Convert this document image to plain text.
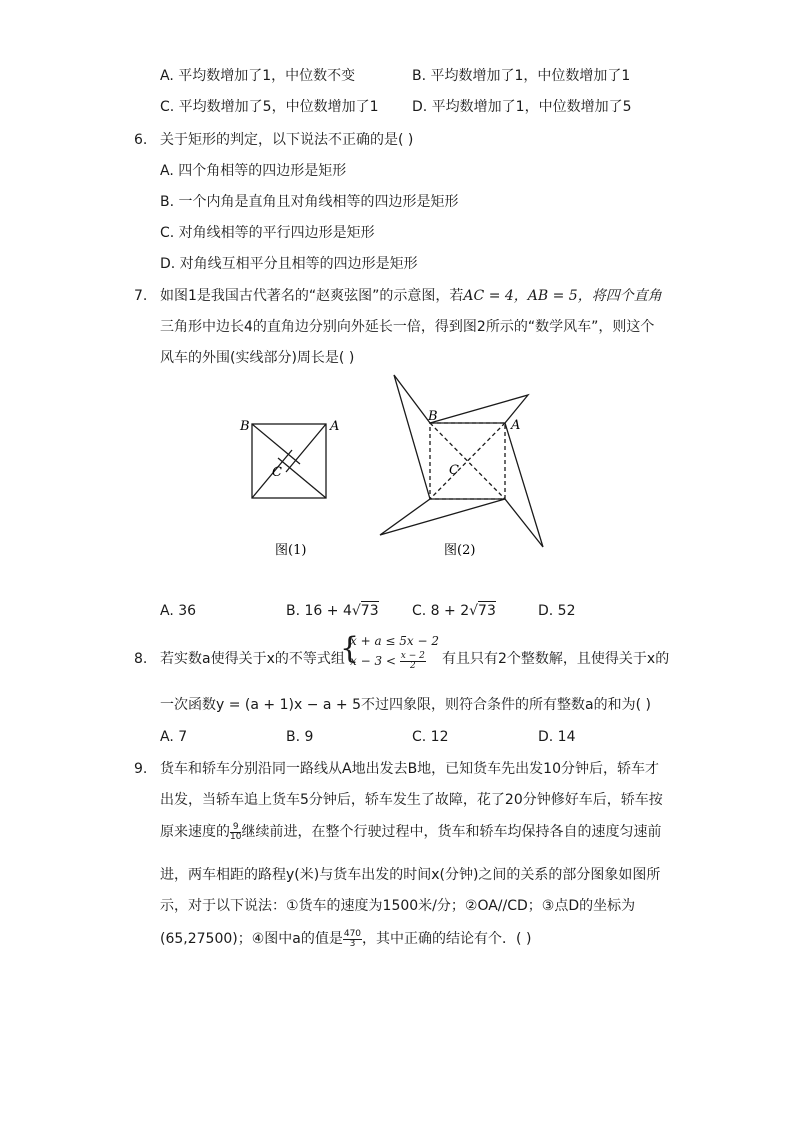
A. 平均数增加了1，中位数不变	B. 平均数增加了1，中位数增加了1
C. 平均数增加了5，中位数增加了1 D. 平均数增加了1，中位数增加了5
6. 关于矩形的判定，以下说法不正确的是( )
A. 四个角相等的四边形是矩形
B. 一个内角是直角且对角线相等的四边形是矩形
C. 对角线相等的平行四边形是矩形
D. 对角线互相平分且相等的四边形是矩形
7. 如图1是我国古代著名的“赵爽弦图”的示意图，若AC = 4，AB = 5，将四个直角
三角形中边长4的直角边分别向外延长一倍，得到图2所示的“数学风车”，则这个
风车的外围(实线部分)周长是( )
B	A
C
图(1)
B
A
C
图(2)
A. 36	B. 16 + 4√73 C. 8 + 2√73	D. 52
8. 若实数a使得关于x的不等式组
{
x + a ≤ 5x − 2
$x - 3 < \frac{x - 2}{2}$ 有且只有2个整数解，且使得关于x的
一次函数y = (a + 1)x − a + 5不过四象限，则符合条件的所有整数a的和为( )
A. 7	B. 9	C. 12	D. 14
9. 货车和轿车分别沿同一路线从A地出发去B地，已知货车先出发10分钟后，轿车才
出发，当轿车追上货车5分钟后，轿车发生了故障，花了20分钟修好车后，轿车按
原来速度的 $\frac{9}{10}$ 继续前进，在整个行驶过程中，货车和轿车均保持各自的速度匀速前
进，两车相距的路程y(米)与货车出发的时间x(分钟)之间的关系的部分图象如图所
示，对于以下说法：①货车的速度为1500米/分；②OA//CD；③点D的坐标为
(65,27500)；④图中a的值是 $\frac{470}{3}$ ，其中正确的结论有个．( )
